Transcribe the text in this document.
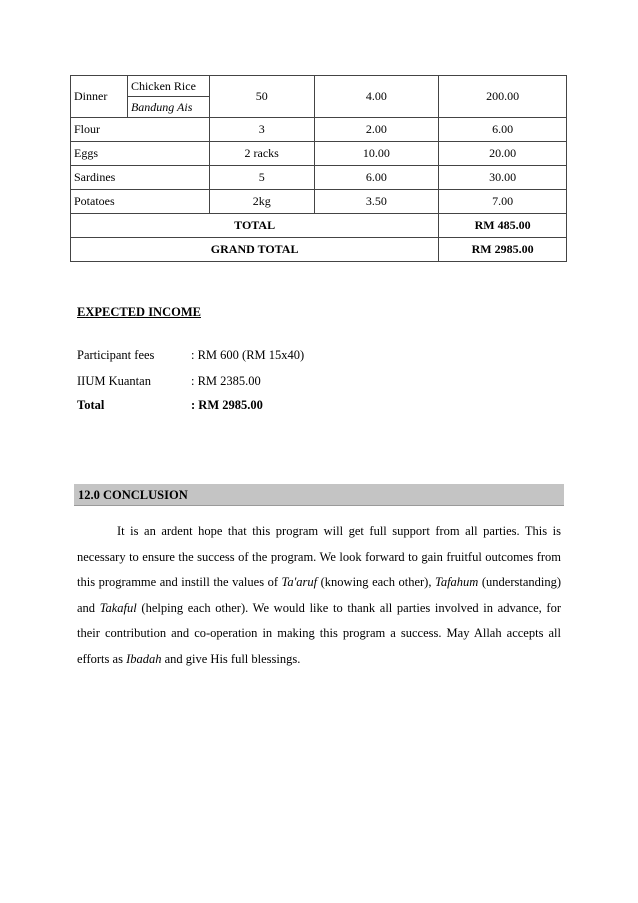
Dinner	Chicken Rice	50	4.00	200.00
	Bandung Ais			
Flour		3	2.00	6.00
Eggs		2 racks	10.00	20.00
Sardines		5	6.00	30.00
Potatoes		2kg	3.50	7.00
TOTAL				RM 485.00
GRAND TOTAL				RM 2985.00
EXPECTED INCOME
Participant fees	: RM 600 (RM 15x40)
IIUM Kuantan	: RM 2385.00
Total	: RM 2985.00
12.0 CONCLUSION

It is an ardent hope that this program will get full support from all parties. This is necessary to ensure the success of the program. We look forward to gain fruitful outcomes from this programme and instill the values of Ta'aruf (knowing each other), Tafahum (understanding) and Takaful (helping each other). We would like to thank all parties involved in advance, for their contribution and co-operation in making this program a success. May Allah accepts all efforts as Ibadah and give His full blessings.
